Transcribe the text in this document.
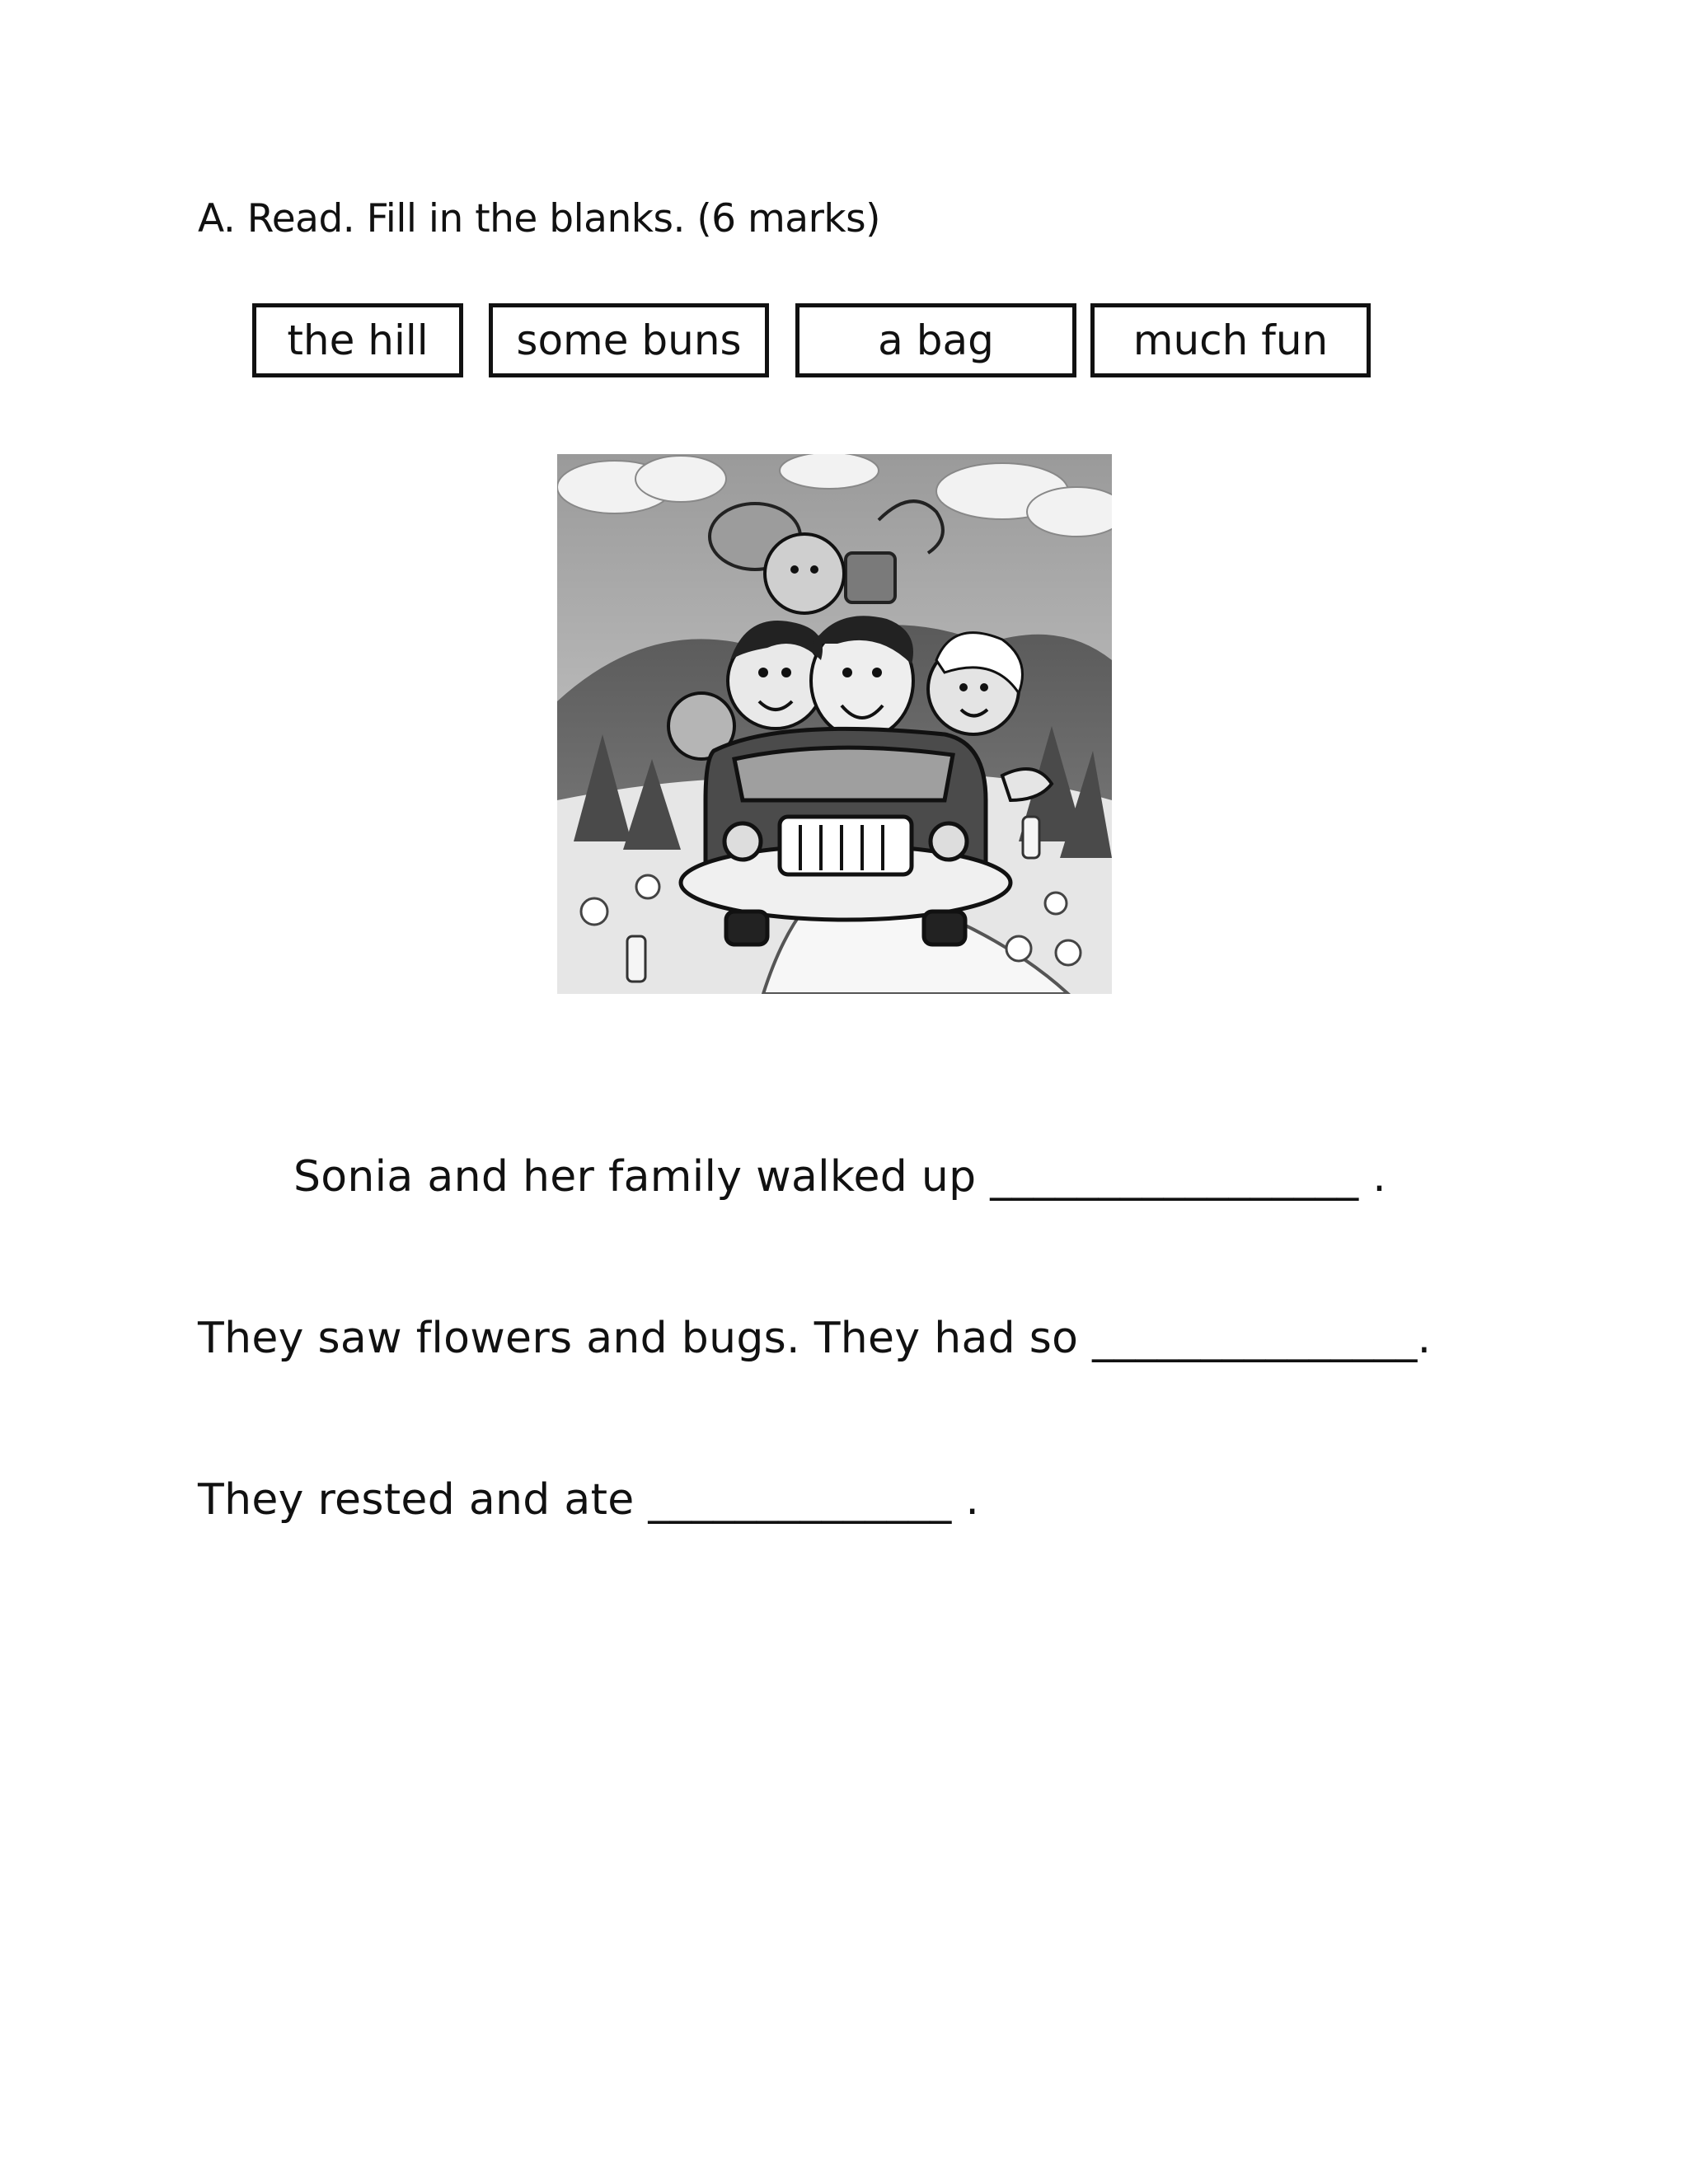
A. Read. Fill in the blanks. (6 marks)
the hill	some buns	a bag	much fun
Sonia and her family walked up _________________ .
They saw flowers and bugs. They had so _______________.
They rested and ate ______________ .
